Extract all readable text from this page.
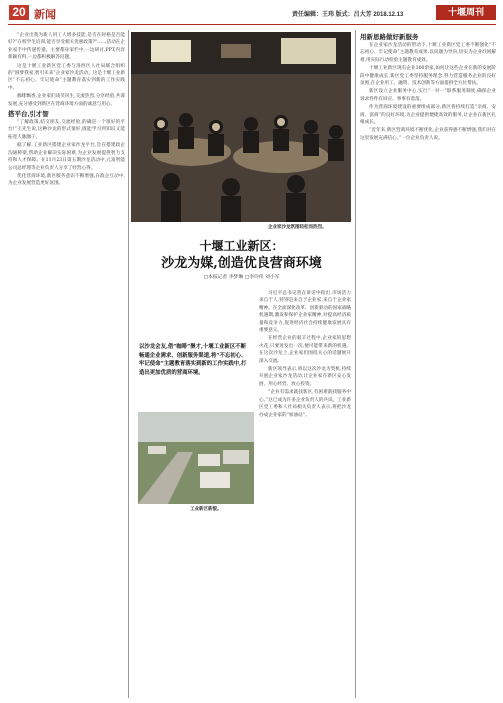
20 新闻	责任编辑：王玮 版式：吕大芳 2018.12.13	十堰周刊

“企业出我为新人用工人增多技能,是否在时格是否能好?“在校学生培训,能否享受相关优惠政策?”……活动在企业家手中传递传递。主要都身家栏中,一边研讨,PPT,内容新颖有料,一边都积极解答问题。

这是十堰工业新区党工委与洛西区人社局联合组织的“圆梦我家,智引未来”企业家沙龙活动。这是十堰工业新区“不忘初心、牢记使命”主题教育落实到新的工作实践中。

咖啡飘香,企业家们谈笑风生,交流热烈,分享经验,共谋发展,充分感受到新区在营商环境方面的诚意与用心。

搭平台,引才智

“了解政策,结交朋友,交流经验,的确是一个很好的平台!”王先生说,这种沙龙的形式很好,既能学习到知识又能拓宽人脉圈子。

据了解,工业新区搭建企业家沙龙平台,旨在搭建政企沟通桥梁,帮助企业解决实际困难,为企业发展提供智力支持和人才保障。在11月23日第五期沙龙活动中,元富智能公司总经理等企业负责人分享了经营心得。

优化营商环境,新区服务意识不断增强,在政企互动中,为企业发展营造更好氛围。

企业家沙龙氛围轻松而热烈。
十堰工业新区：
沙龙为媒,创造优良营商环境
□本报记者 李梦琳 □李玲侠 刘小军
以沙龙会友,借“咖啡”聚才,十堰工业新区不断畅通企业需求、创新服务渠道,将“不忘初心、牢记使命”主题教育落实到新的工作实践中,打造出更加优质的营商环境。
工业新区新貌。

习近平总书记曾在讲话中指出,市场活力来自于人,特别是来自于企业家,来自于企业家精神。在全面深化改革、创新驱动的国家战略机遇期,激发和保护企业家精神,对提高经济质量和竞争力,促进经济社会持续健康发展具有重要意义。

在经营企业的艰辛过程中,企业家的思想火花,只要迸发出一次,便可能带来新的机遇。在这次沙龙上,企业家们围绕关心的话题展开深入交流。

新区领导表示,将以这次沙龙为契机,持续开展企业家沙龙活动,让企业家在新区安心发展、用心经营、放心投资。

“企业有需求就找新区,有困难就找服务中心。”这已成为许多企业负责人的共识。工业新区党工委和人社局相关负责人表示,将把沙龙办成企业家的“加油站”。

用新思路做好新服务

在企业家沙龙活动的带动下,十堰工业新区党工委不断强化“不忘初心、牢记使命”主题教育成果,以问题为导向,切实为企业纾困解难,用实际行动检验主题教育成效。

十堰工业新区现有企业300余家,如何让这些企业在新的发展阶段中健康成长,新区党工委坚持服务理念,努力营造服务企业的良好氛围,在企业用工、融资、技术创新等方面提供全方位帮扶。

新区设立企业服务中心,实行“一对一”联系服务制度,确保企业诉求件件有回应、事事有着落。

作为营商环境建设的重要组成部分,新区将持续打造“亲商、安商、富商”的良好环境,为企业提供便捷高效的服务,让企业在新区扎根成长。

“近年来,新区营商环境不断优化,企业获得感不断增强,我们对在这里发展充满信心。”一位企业负责人说。
